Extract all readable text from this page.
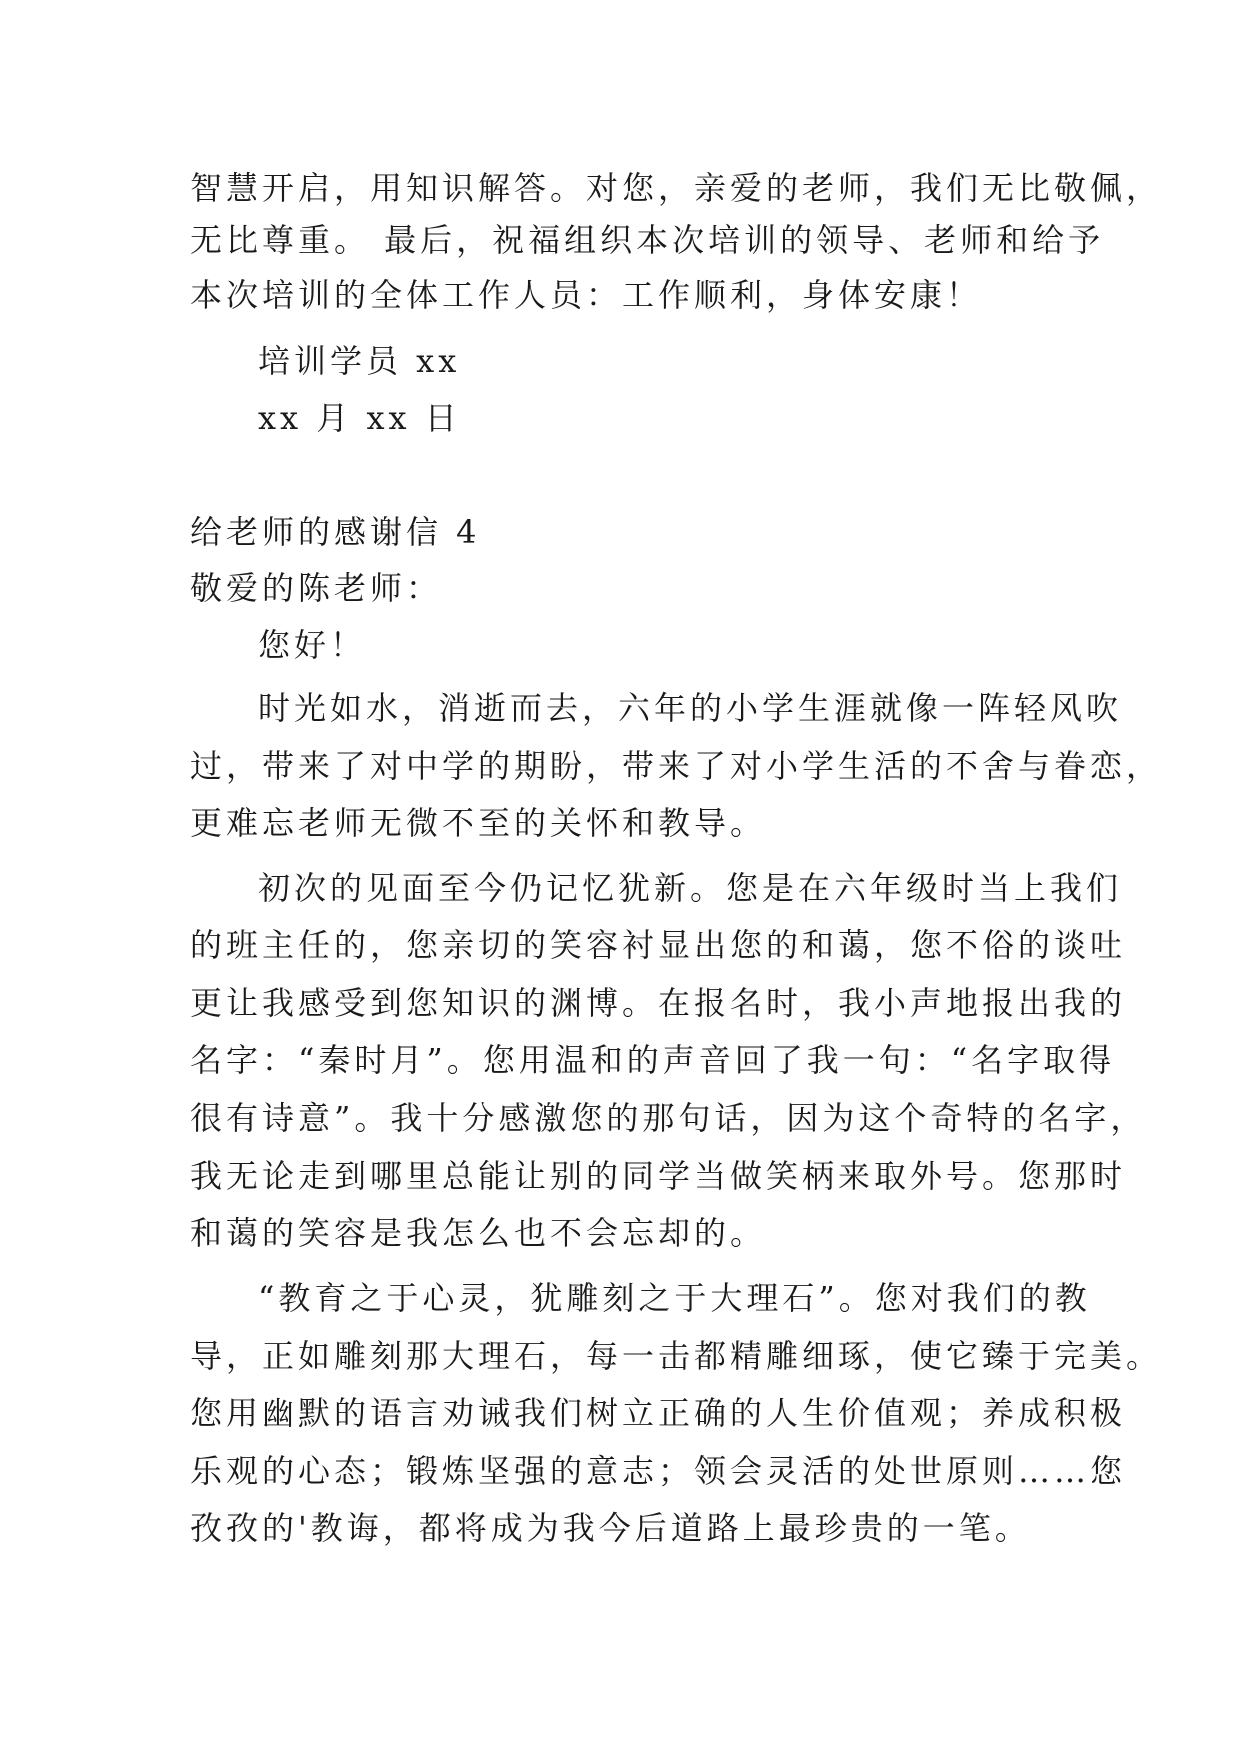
智慧开启，用知识解答。对您，亲爱的老师，我们无比敬佩，
无比尊重。 最后，祝福组织本次培训的领导、老师和给予
本次培训的全体工作人员：工作顺利，身体安康！
培训学员 xx
xx 月 xx 日
给老师的感谢信 4
敬爱的陈老师：
您好！
时光如水，消逝而去，六年的小学生涯就像一阵轻风吹
过，带来了对中学的期盼，带来了对小学生活的不舍与眷恋，
更难忘老师无微不至的关怀和教导。
初次的见面至今仍记忆犹新。您是在六年级时当上我们
的班主任的，您亲切的笑容衬显出您的和蔼，您不俗的谈吐
更让我感受到您知识的渊博。在报名时，我小声地报出我的
名字：“秦时月”。您用温和的声音回了我一句：“名字取得
很有诗意”。我十分感激您的那句话，因为这个奇特的名字，
我无论走到哪里总能让别的同学当做笑柄来取外号。您那时
和蔼的笑容是我怎么也不会忘却的。
“教育之于心灵，犹雕刻之于大理石”。您对我们的教
导，正如雕刻那大理石，每一击都精雕细琢，使它臻于完美。
您用幽默的语言劝诫我们树立正确的人生价值观；养成积极
乐观的心态；锻炼坚强的意志；领会灵活的处世原则……您
孜孜的'教诲，都将成为我今后道路上最珍贵的一笔。
